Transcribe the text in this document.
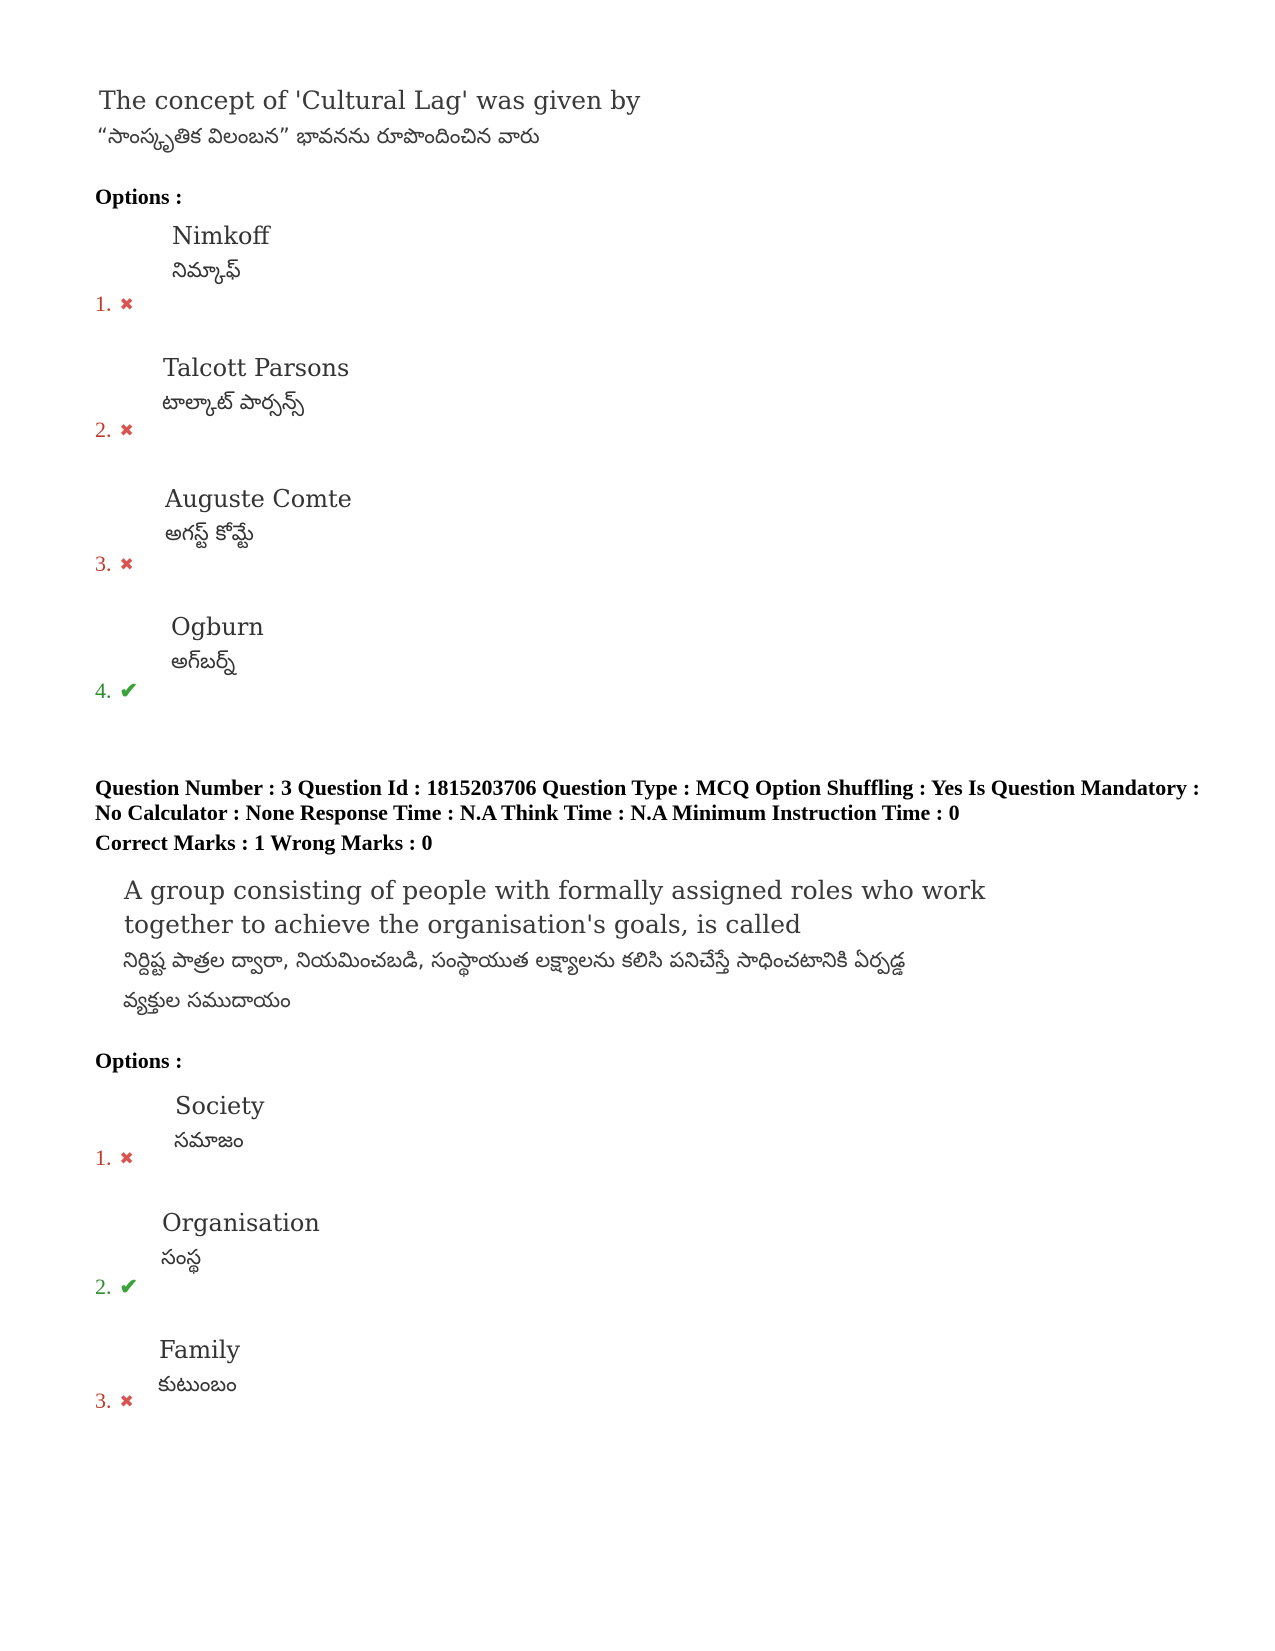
The concept of 'Cultural Lag' was given by
“సాంస్కృతిక విలంబన” భావనను రూపొందించిన వారు
Options :
Nimkoff
నిమ్కాఫ్
1. ✖
Talcott Parsons
టాల్కాట్ పార్సన్స్
2. ✖
Auguste Comte
అగస్ట్ కోమ్టే
3. ✖
Ogburn
అగ్‌బర్న్
4. ✔
Question Number : 3 Question Id : 1815203706 Question Type : MCQ Option Shuffling : Yes Is Question Mandatory : No Calculator : None Response Time : N.A Think Time : N.A Minimum Instruction Time : 0
Correct Marks : 1 Wrong Marks : 0
A group consisting of people with formally assigned roles who work
together to achieve the organisation's goals, is called
నిర్దిష్ట పాత్రల ద్వారా, నియమించబడి, సంస్థాయుత లక్ష్యాలను కలిసి పనిచేస్తే సాధించటానికి ఏర్పడ్డ
వ్యక్తుల సముదాయం
Options :
Society
సమాజం
1. ✖
Organisation
సంస్థ
2. ✔
Family
కుటుంబం
3. ✖
